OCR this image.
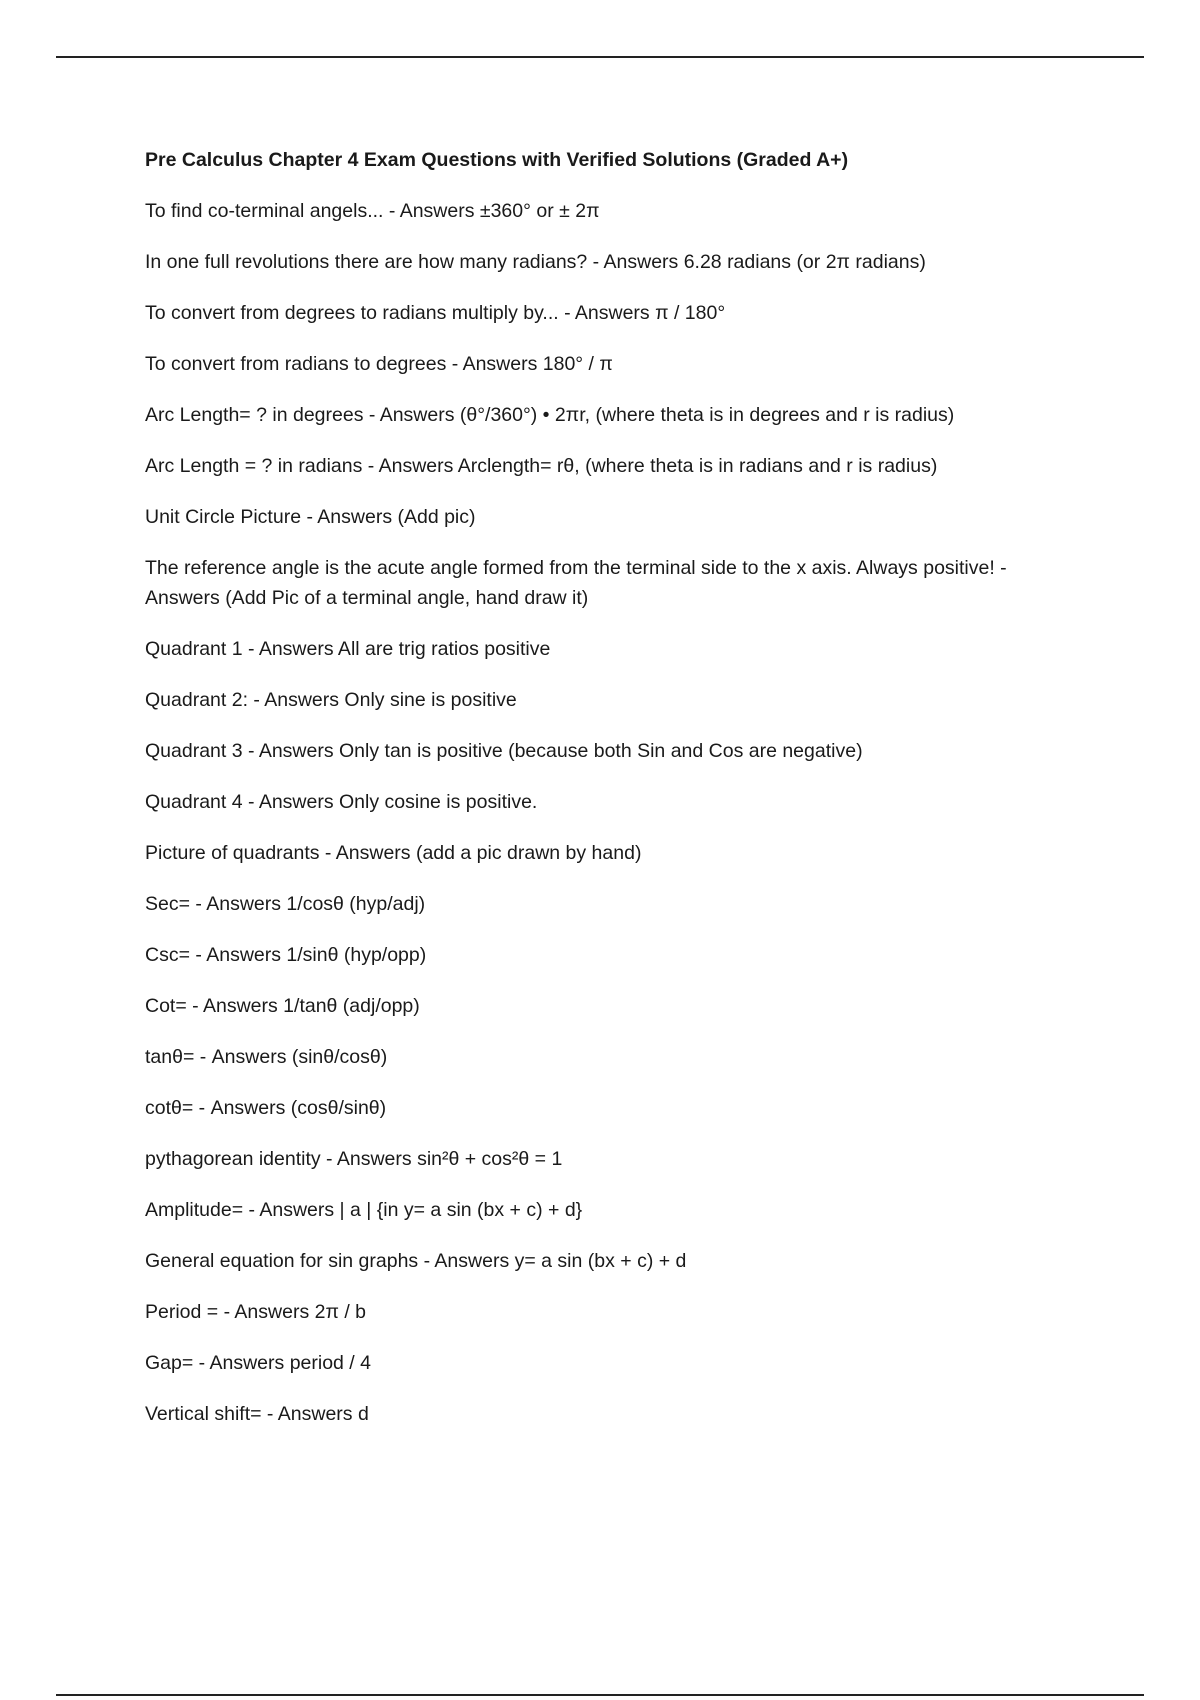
Pre Calculus Chapter 4 Exam Questions with Verified Solutions (Graded A+)
To find co-terminal angels... - Answers ±360° or ± 2π
In one full revolutions there are how many radians? - Answers 6.28 radians (or 2π radians)
To convert from degrees to radians multiply by... - Answers π / 180°
To convert from radians to degrees - Answers 180° / π
Arc Length= ? in degrees - Answers (θ°/360°) • 2πr, (where theta is in degrees and r is radius)
Arc Length = ? in radians - Answers Arclength= rθ, (where theta is in radians and r is radius)
Unit Circle Picture - Answers (Add pic)
The reference angle is the acute angle formed from the terminal side to the x axis. Always positive! - Answers (Add Pic of a terminal angle, hand draw it)
Quadrant 1 - Answers All are trig ratios positive
Quadrant 2: - Answers Only sine is positive
Quadrant 3 - Answers Only tan is positive (because both Sin and Cos are negative)
Quadrant 4 - Answers Only cosine is positive.
Picture of quadrants - Answers (add a pic drawn by hand)
Sec= - Answers 1/cosθ (hyp/adj)
Csc= - Answers 1/sinθ (hyp/opp)
Cot= - Answers 1/tanθ (adj/opp)
tanθ= - Answers (sinθ/cosθ)
cotθ= - Answers (cosθ/sinθ)
pythagorean identity - Answers sin²θ + cos²θ = 1
Amplitude= - Answers | a | {in y= a sin (bx + c) + d}
General equation for sin graphs - Answers y= a sin (bx + c) + d
Period = - Answers 2π / b
Gap= - Answers period / 4
Vertical shift= - Answers d
